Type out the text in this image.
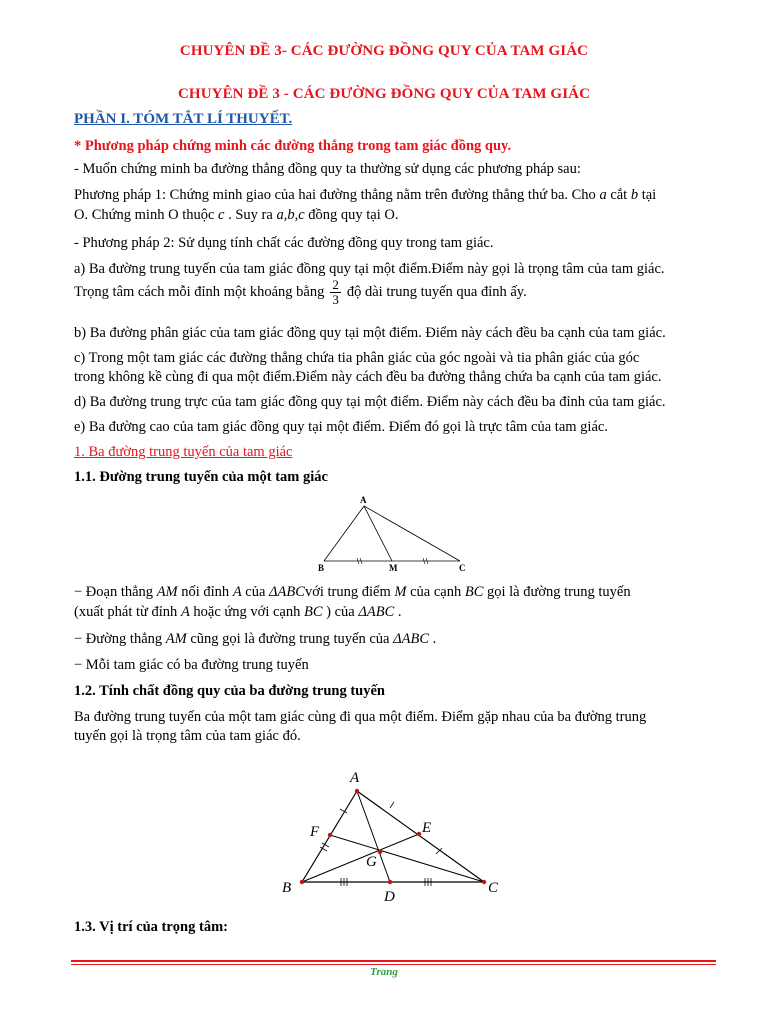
CHUYÊN ĐỀ 3- CÁC ĐƯỜNG ĐỒNG QUY CỦA TAM GIÁC
CHUYÊN ĐỀ 3 - CÁC ĐƯỜNG ĐỒNG QUY CỦA TAM GIÁC
PHẦN I. TÓM TẮT LÍ THUYẾT.
* Phương pháp chứng minh các đường thẳng trong tam giác đồng quy.
- Muốn chứng minh ba đường thẳng đồng quy ta thường sử dụng các phương pháp sau:
Phương pháp 1: Chứng minh giao của hai đường thẳng nằm trên đường thẳng thứ ba. Cho a cắt b tại
O. Chứng minh O thuộc c . Suy ra a,b,c đồng quy tại O.
- Phương pháp 2: Sử dụng tính chất các đường đồng quy trong tam giác.
a) Ba đường trung tuyến của tam giác đồng quy tại một điểm.Điểm này gọi là trọng tâm của tam giác.
Trọng tâm cách mỗi đỉnh một khoảng bằng $\frac{2}{3}$ độ dài trung tuyến qua đỉnh ấy.
b) Ba đường phân giác của tam giác đồng quy tại một điểm. Điểm này cách đều ba cạnh của tam giác.
c) Trong một tam giác các đường thẳng chứa tia phân giác của góc ngoài và tia phân giác của góc
trong không kề cùng đi qua một điểm.Điểm này cách đều ba đường thẳng chứa ba cạnh của tam giác.
d) Ba đường trung trực của tam giác đồng quy tại một điểm. Điểm này cách đều ba đỉnh của tam giác.
e) Ba đường cao của tam giác đồng quy tại một điểm. Điểm đó gọi là trực tâm của tam giác.
1. Ba đường trung tuyến của tam giác
1.1. Đường trung tuyến của một tam giác
A
B	M	C
− Đoạn thẳng AM nối đỉnh A của ΔABCvới trung điểm M của cạnh BC gọi là đường trung tuyến
(xuất phát từ đỉnh A hoặc ứng với cạnh BC ) của ΔABC .
− Đường thẳng AM cũng gọi là đường trung tuyến của ΔABC .
− Mỗi tam giác có ba đường trung tuyến
1.2. Tính chất đồng quy của ba đường trung tuyến
Ba đường trung tuyến của một tam giác cùng đi qua một điểm. Điểm gặp nhau của ba đường trung
tuyến gọi là trọng tâm của tam giác đó.
A
B	C
D
E
F
G
1.3. Vị trí của trọng tâm:
Trang
